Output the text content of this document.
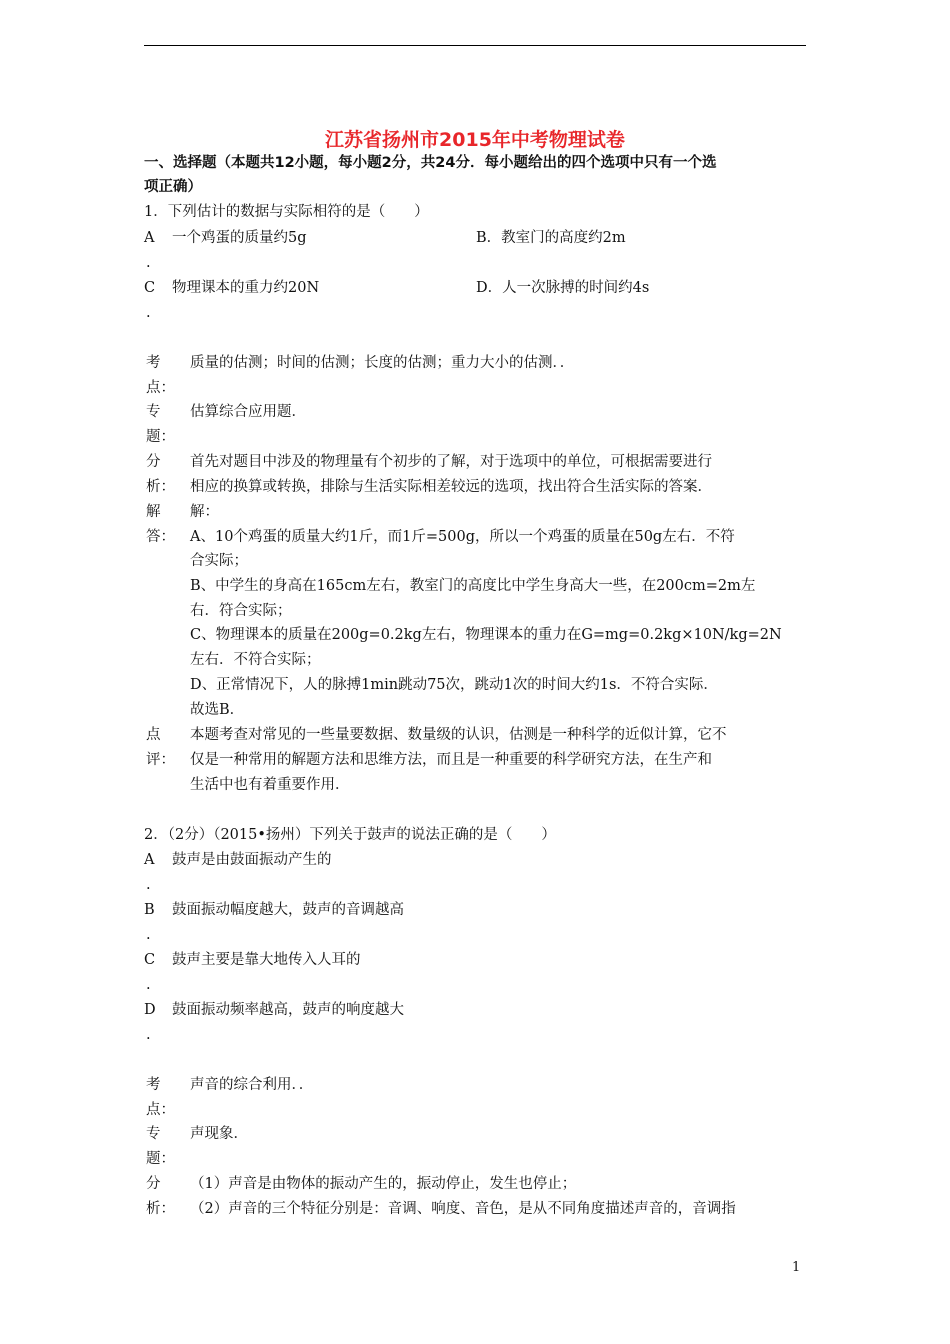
江苏省扬州市2015年中考物理试卷
一、选择题（本题共12小题，每小题2分，共24分．每小题给出的四个选项中只有一个选
项正确）
1．下列估计的数据与实际相符的是（　　）
A 一个鸡蛋的质量约5g	B．教室门的高度约2m
.
C 物理课本的重力约20N	D．人一次脉搏的时间约4s
.
考
点：
质量的估测；时间的估测；长度的估测；重力大小的估测．．
专
题：
估算综合应用题．
分
析：
首先对题目中涉及的物理量有个初步的了解，对于选项中的单位，可根据需要进行
相应的换算或转换，排除与生活实际相差较远的选项，找出符合生活实际的答案．
解
答：
解：
A、10个鸡蛋的质量大约1斤，而1斤=500g，所以一个鸡蛋的质量在50g左右．不符
合实际；
B、中学生的身高在165cm左右，教室门的高度比中学生身高大一些，在200cm=2m左
右．符合实际；
C、物理课本的质量在200g=0.2kg左右，物理课本的重力在G=mg=0.2kg×10N/kg=2N
左右．不符合实际；
D、正常情况下，人的脉搏1min跳动75次，跳动1次的时间大约1s．不符合实际．
故选B．
点
评：
本题考查对常见的一些量要数据、数量级的认识，估测是一种科学的近似计算，它不
仅是一种常用的解题方法和思维方法，而且是一种重要的科学研究方法，在生产和
生活中也有着重要作用．
2．（2分）（2015•扬州）下列关于鼓声的说法正确的是（　　）
A 鼓声是由鼓面振动产生的
.
B 鼓面振动幅度越大，鼓声的音调越高
.
C 鼓声主要是靠大地传入人耳的
.
D 鼓面振动频率越高，鼓声的响度越大
.
考
点：
声音的综合利用．．
专
题：
声现象．
分
析：
（1）声音是由物体的振动产生的，振动停止，发生也停止；
（2）声音的三个特征分别是：音调、响度、音色，是从不同角度描述声音的，音调指
1
